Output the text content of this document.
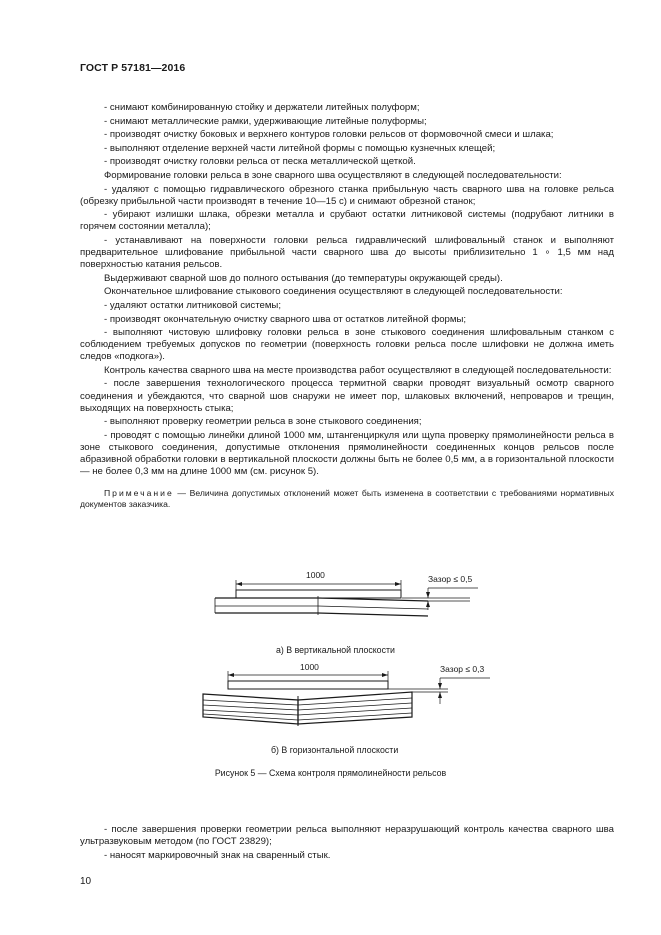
ГОСТ Р 57181—2016

- снимают комбинированную стойку и держатели литейных полуформ;

- снимают металлические рамки, удерживающие литейные полуформы;

- производят очистку боковых и верхнего контуров головки рельсов от формовочной смеси и шлака;

- выполняют отделение верхней части литейной формы с помощью кузнечных клещей;

- производят очистку головки рельса от песка металлической щеткой.

Формирование головки рельса в зоне сварного шва осуществляют в следующей последовательности:

- удаляют с помощью гидравлического обрезного станка прибыльную часть сварного шва на головке рельса (обрезку прибыльной части производят в течение 10—15 с) и снимают обрезной станок;

- убирают излишки шлака, обрезки металла и срубают остатки литниковой системы (подрубают литники в горячем состоянии металла);

- устанавливают на поверхности головки рельса гидравлический шлифовальный станок и выполняют предварительное шлифование прибыльной части сварного шва до высоты приблизительно 1 ∘ 1,5 мм над поверхностью катания рельсов.

Выдерживают сварной шов до полного остывания (до температуры окружающей среды).

Окончательное шлифование стыкового соединения осуществляют в следующей последовательности:

- удаляют остатки литниковой системы;

- производят окончательную очистку сварного шва от остатков литейной формы;

- выполняют чистовую шлифовку головки рельса в зоне стыкового соединения шлифовальным станком с соблюдением требуемых допусков по геометрии (поверхность головки рельса после шлифовки не должна иметь следов «подкога»).

Контроль качества сварного шва на месте производства работ осуществляют в следующей последовательности:

- после завершения технологического процесса термитной сварки проводят визуальный осмотр сварного соединения и убеждаются, что сварной шов снаружи не имеет пор, шлаковых включений, непроваров и трещин, выходящих на поверхность стыка;

- выполняют проверку геометрии рельса в зоне стыкового соединения;

- проводят с помощью линейки длиной 1000 мм, штангенциркуля или щупа проверку прямолинейности рельса в зоне стыкового соединения, допустимые отклонения прямолинейности соединенных концов рельсов после абразивной обработки головки в вертикальной плоскости должны быть не более 0,5 мм, а в горизонтальной плоскости — не более 0,3 мм на длине 1000 мм (см. рисунок 5).

Примечание — Величина допустимых отклонений может быть изменена в соответствии с требованиями нормативных документов заказчика.

1000	Зазор ≤ 0,5
а) В вертикальной плоскости
1000	Зазор ≤ 0,3
б) В горизонтальной плоскости
Рисунок 5 — Схема контроля прямолинейности рельсов

- после завершения проверки геометрии рельса выполняют неразрушающий контроль качества сварного шва ультразвуковым методом (по ГОСТ 23829);

- наносят маркировочный знак на сваренный стык.

10
